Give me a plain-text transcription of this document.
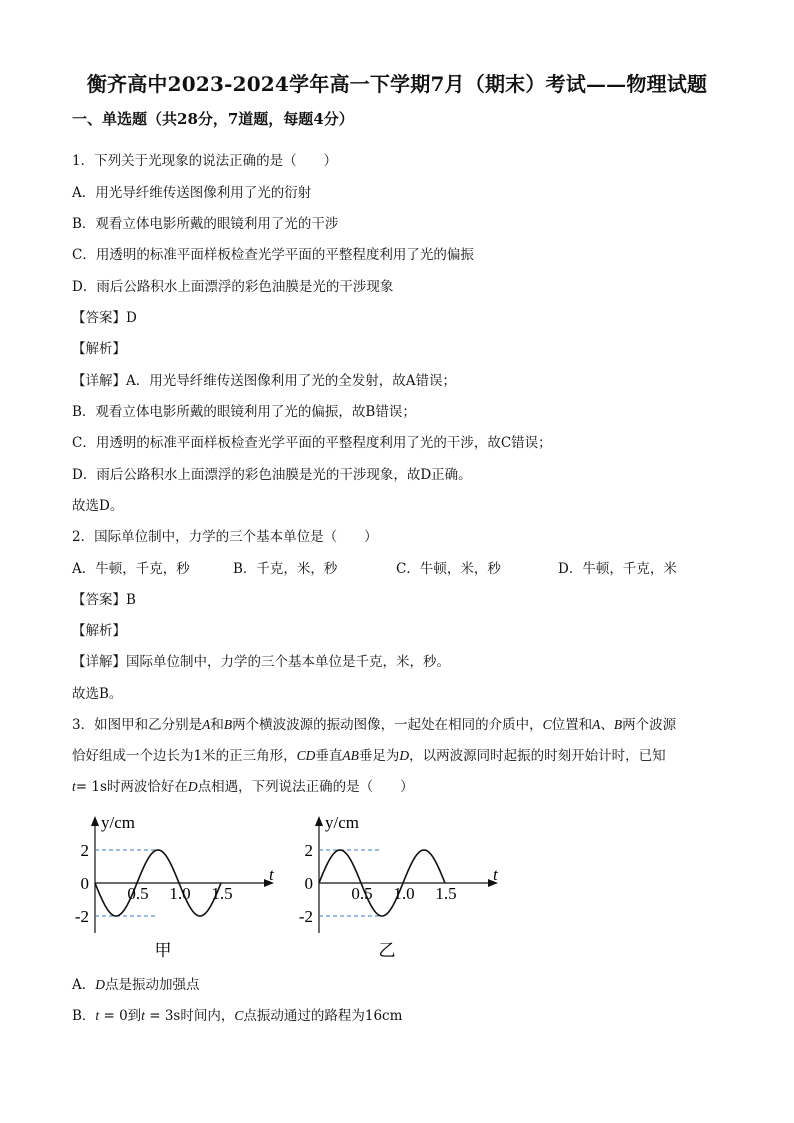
衡齐高中2023-2024学年高一下学期7月（期末）考试——物理试题
一、单选题（共28分，7道题，每题4分）
1．下列关于光现象的说法正确的是（　　）
A．用光导纤维传送图像利用了光的衍射
B．观看立体电影所戴的眼镜利用了光的干涉
C．用透明的标准平面样板检查光学平面的平整程度利用了光的偏振
D．雨后公路积水上面漂浮的彩色油膜是光的干涉现象
【答案】D
【解析】
【详解】A．用光导纤维传送图像利用了光的全发射，故A错误；
B．观看立体电影所戴的眼镜利用了光的偏振，故B错误；
C．用透明的标准平面样板检查光学平面的平整程度利用了光的干涉，故C错误；
D．雨后公路积水上面漂浮的彩色油膜是光的干涉现象，故D正确。
故选D。
2．国际单位制中，力学的三个基本单位是（　　）
A．牛顿，千克，秒	B．千克，米，秒	C．牛顿，米，秒	D．牛顿，千克，米
【答案】B
【解析】
【详解】国际单位制中，力学的三个基本单位是千克，米，秒。
故选B。
3．如图甲和乙分别是A和B两个横波波源的振动图像，一起处在相同的介质中，C位置和A、B两个波源
恰好组成一个边长为1米的正三角形，CD垂直AB垂足为D，以两波源同时起振的时刻开始计时，已知
t= 1s时两波恰好在D点相遇，下列说法正确的是（　　）
t
y/cm
2
0
-2
0.5 1.0 1.5
甲
t
y/cm
2
0
-2
0.5 1.0 1.5
乙
A．D点是振动加强点
B．t = 0到t = 3s时间内，C点振动通过的路程为16cm
